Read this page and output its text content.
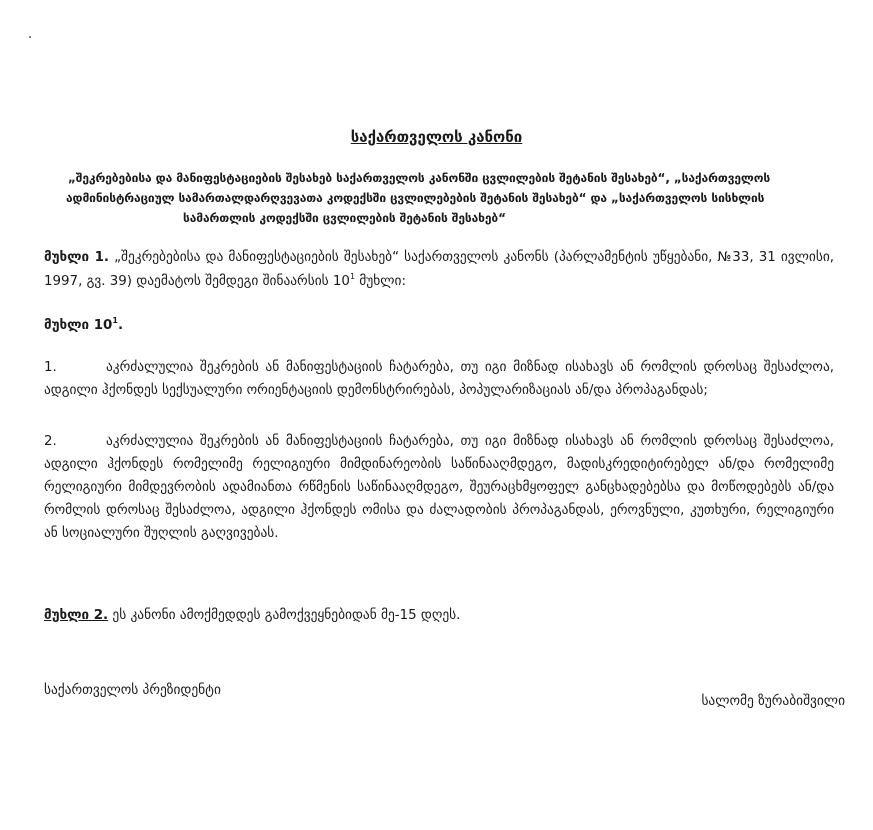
საქართველოს კანონი
„შეკრებებისა და მანიფესტაციების შესახებ საქართველოს კანონში ცვლილების შეტანის შესახებ“, „საქართველოს
ადმინისტრაციულ სამართალდარღვევათა კოდექსში ცვლილებების შეტანის შესახებ“ და „საქართველოს სისხლის
სამართლის კოდექსში ცვლილების შეტანის შესახებ“
მუხლი 1. „შეკრებებისა და მანიფესტაციების შესახებ“ საქართველოს კანონს (პარლამენტის უწყებანი, №33, 31 ივლისი, 1997, გვ. 39) დაემატოს შემდეგი შინაარსის $10^1$ მუხლი:
მუხლი $10^1$.
1.	აკრძალულია შეკრების ან მანიფესტაციის ჩატარება, თუ იგი მიზნად ისახავს ან რომლის დროსაც შესაძლოა, ადგილი ჰქონდეს სექსუალური ორიენტაციის დემონსტრირებას, პოპულარიზაციას ან/და პროპაგანდას;
2.	აკრძალულია შეკრების ან მანიფესტაციის ჩატარება, თუ იგი მიზნად ისახავს ან რომლის დროსაც შესაძლოა, ადგილი ჰქონდეს რომელიმე რელიგიური მიმდინარეობის საწინააღმდეგო, მადისკრედიტირებელ ან/და რომელიმე რელიგიური მიმდევრობის ადამიანთა რწმენის საწინააღმდეგო, შეურაცხმყოფელ განცხადებებსა და მოწოდებებს ან/და რომლის დროსაც შესაძლოა, ადგილი ჰქონდეს ომისა და ძალადობის პროპაგანდას, ეროვნული, კუთხური, რელიგიური ან სოციალური შუღლის გაღვივებას.
მუხლი 2. ეს კანონი ამოქმედდეს გამოქვეყნებიდან მე-15 დღეს.
საქართველოს პრეზიდენტი
სალომე ზურაბიშვილი
